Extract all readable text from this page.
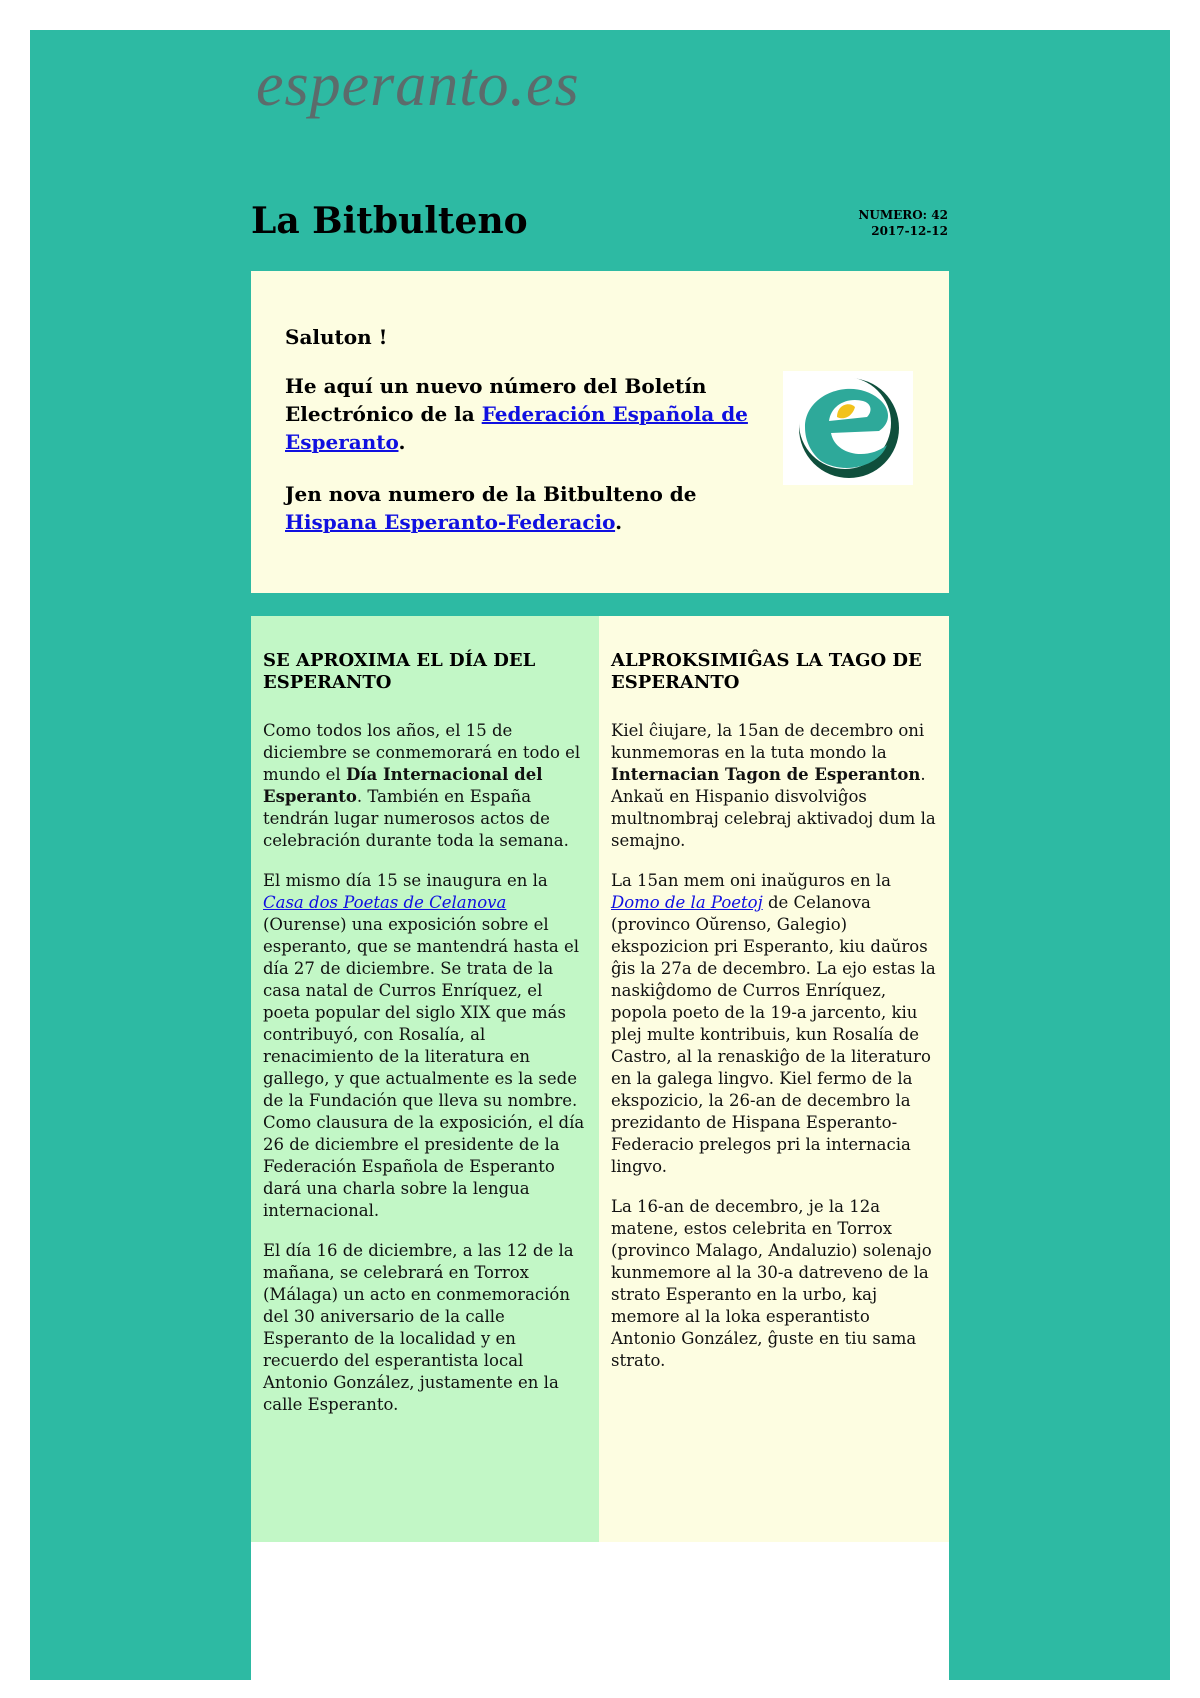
esperanto.es
La Bitbulteno	NUMERO: 42
2017-12-12

Saluton !

He aquí un nuevo número del Boletín Electrónico de la Federación Española de Esperanto.

Jen nova numero de la Bitbulteno de Hispana Esperanto-Federacio.

SE APROXIMA EL DÍA DEL ESPERANTO

Como todos los años, el 15 de diciembre se conmemorará en todo el mundo el Día Internacional del Esperanto. También en España tendrán lugar numerosos actos de celebración durante toda la semana.

El mismo día 15 se inaugura en la Casa dos Poetas de Celanova (Ourense) una exposición sobre el esperanto, que se mantendrá hasta el día 27 de diciembre. Se trata de la casa natal de Curros Enríquez, el poeta popular del siglo XIX que más contribuyó, con Rosalía, al renacimiento de la literatura en gallego, y que actualmente es la sede de la Fundación que lleva su nombre. Como clausura de la exposición, el día 26 de diciembre el presidente de la Federación Española de Esperanto dará una charla sobre la lengua internacional.

El día 16 de diciembre, a las 12 de la mañana, se celebrará en Torrox (Málaga) un acto en conmemoración del 30 aniversario de la calle Esperanto de la localidad y en recuerdo del esperantista local Antonio González, justamente en la calle Esperanto.

ALPROKSIMIĜAS LA TAGO DE ESPERANTO

Kiel ĉiujare, la 15an de decembro oni kunmemoras en la tuta mondo la Internacian Tagon de Esperanton. Ankaŭ en Hispanio disvolviĝos multnombraj celebraj aktivadoj dum la semajno.

La 15an mem oni inaŭguros en la Domo de la Poetoj de Celanova (provinco Oŭrenso, Galegio) ekspozicion pri Esperanto, kiu daŭros ĝis la 27a de decembro. La ejo estas la naskiĝdomo de Curros Enríquez, popola poeto de la 19-a jarcento, kiu plej multe kontribuis, kun Rosalía de Castro, al la renaskiĝo de la literaturo en la galega lingvo. Kiel fermo de la ekspozicio, la 26-an de decembro la prezidanto de Hispana Esperanto-Federacio prelegos pri la internacia lingvo.

La 16-an de decembro, je la 12a matene, estos celebrita en Torrox (provinco Malago, Andaluzio) solenajo kunmemore al la 30-a datreveno de la strato Esperanto en la urbo, kaj memore al la loka esperantisto Antonio González, ĝuste en tiu sama strato.
